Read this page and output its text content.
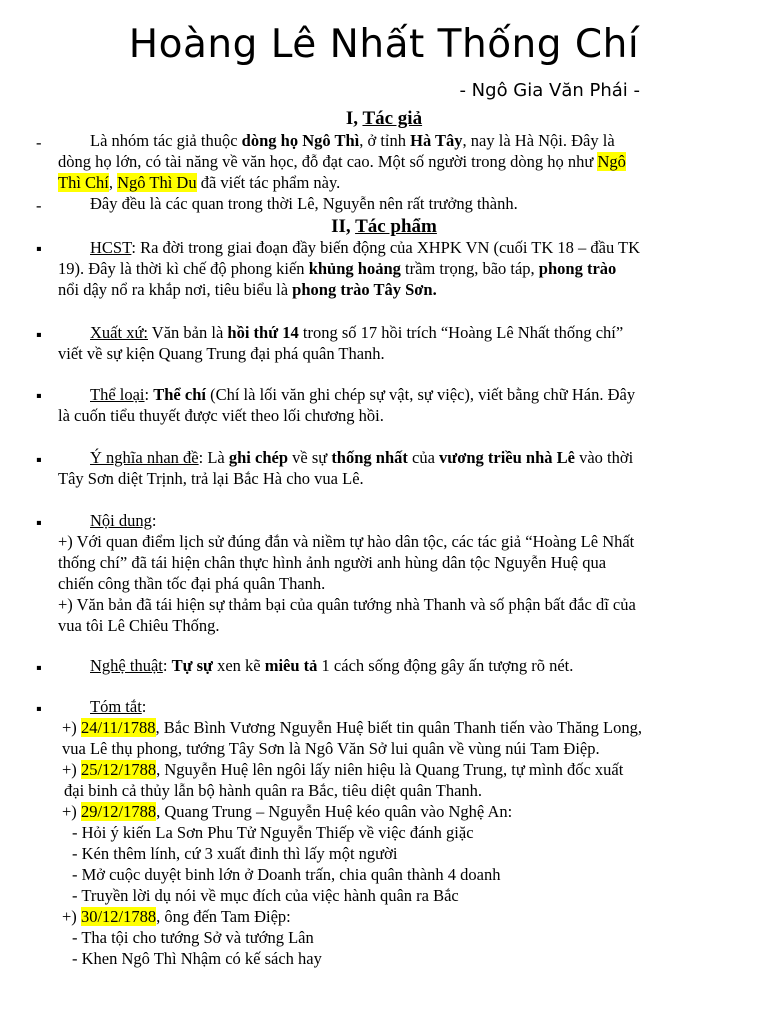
Hoàng Lê Nhất Thống Chí
- Ngô Gia Văn Phái -
I, Tác giả
-	Là nhóm tác giả thuộc dòng họ Ngô Thì, ở tỉnh Hà Tây, nay là Hà Nội. Đây là
dòng họ lớn, có tài năng về văn học, đỗ đạt cao. Một số người trong dòng họ như Ngô
Thì Chí, Ngô Thì Du đã viết tác phẩm này.
-	Đây đều là các quan trong thời Lê, Nguyễn nên rất trưởng thành.
II, Tác phẩm
▪	HCST: Ra đời trong giai đoạn đầy biến động của XHPK VN (cuối TK 18 – đầu TK
19). Đây là thời kì chế độ phong kiến khủng hoảng trầm trọng, bão táp, phong trào
nổi dậy nổ ra khắp nơi, tiêu biểu là phong trào Tây Sơn.
▪	Xuất xứ: Văn bản là hồi thứ 14 trong số 17 hồi trích “Hoàng Lê Nhất thống chí”
viết về sự kiện Quang Trung đại phá quân Thanh.
▪	Thể loại: Thể chí (Chí là lối văn ghi chép sự vật, sự việc), viết bằng chữ Hán. Đây
là cuốn tiểu thuyết được viết theo lối chương hồi.
▪	Ý nghĩa nhan đề: Là ghi chép về sự thống nhất của vương triều nhà Lê vào thời
Tây Sơn diệt Trịnh, trả lại Bắc Hà cho vua Lê.
▪	Nội dung:
+) Với quan điểm lịch sử đúng đắn và niềm tự hào dân tộc, các tác giả “Hoàng Lê Nhất
thống chí” đã tái hiện chân thực hình ảnh người anh hùng dân tộc Nguyễn Huệ qua
chiến công thần tốc đại phá quân Thanh.
+) Văn bản đã tái hiện sự thảm bại của quân tướng nhà Thanh và số phận bất đắc dĩ của
vua tôi Lê Chiêu Thống.
▪	Nghệ thuật: Tự sự xen kẽ miêu tả 1 cách sống động gây ấn tượng rõ nét.
▪	Tóm tắt:
+) 24/11/1788, Bắc Bình Vương Nguyễn Huệ biết tin quân Thanh tiến vào Thăng Long,
vua Lê thụ phong, tướng Tây Sơn là Ngô Văn Sở lui quân về vùng núi Tam Điệp.
+) 25/12/1788, Nguyễn Huệ lên ngôi lấy niên hiệu là Quang Trung, tự mình đốc xuất
đại binh cả thủy lẫn bộ hành quân ra Bắc, tiêu diệt quân Thanh.
+) 29/12/1788, Quang Trung – Nguyễn Huệ kéo quân vào Nghệ An:
- Hỏi ý kiến La Sơn Phu Tử Nguyễn Thiếp về việc đánh giặc
- Kén thêm lính, cứ 3 xuất đinh thì lấy một người
- Mở cuộc duyệt binh lớn ở Doanh trấn, chia quân thành 4 doanh
- Truyền lời dụ nói về mục đích của việc hành quân ra Bắc
+) 30/12/1788, ông đến Tam Điệp:
- Tha tội cho tướng Sở và tướng Lân
- Khen Ngô Thì Nhậm có kế sách hay
